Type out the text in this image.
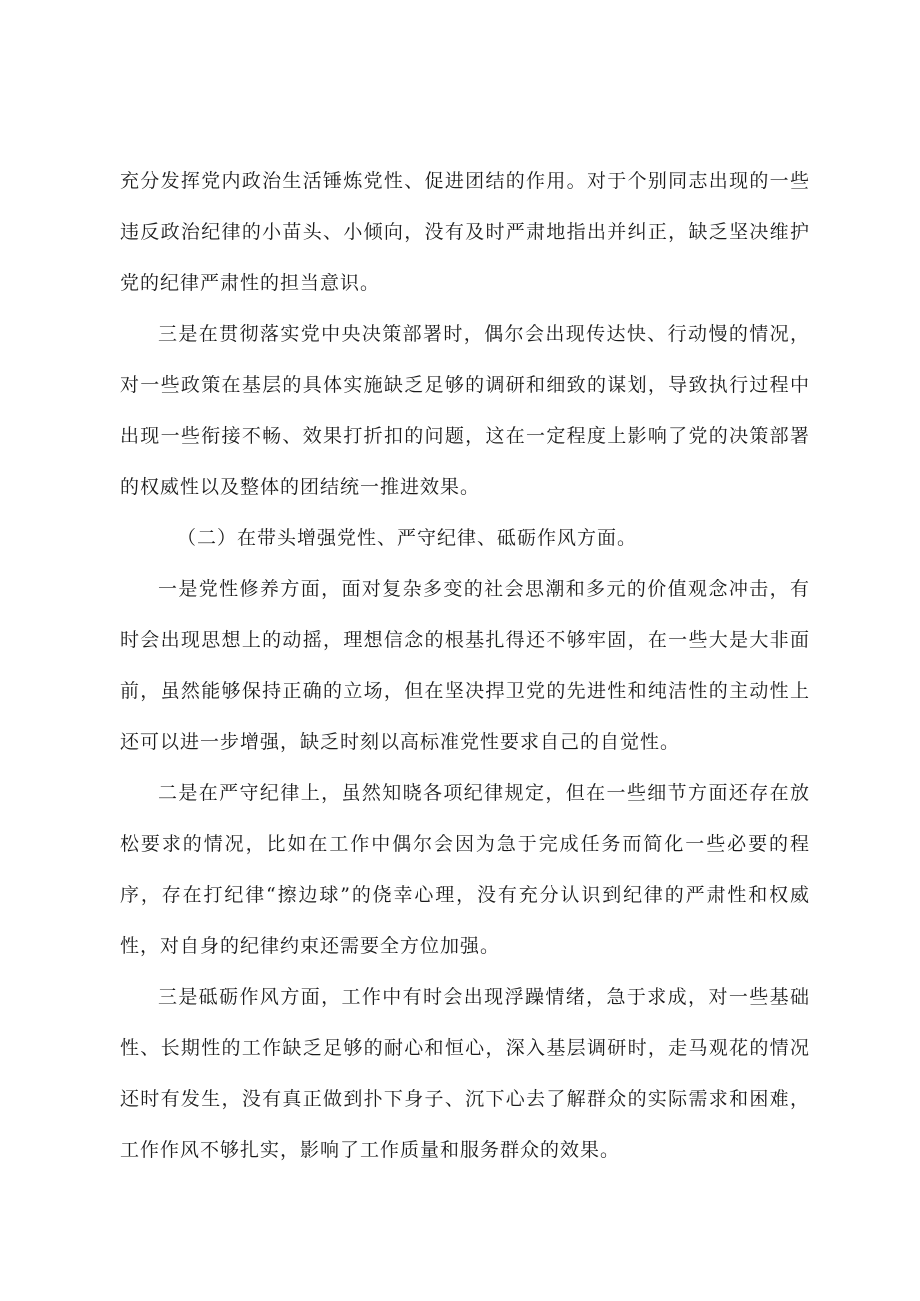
充分发挥党内政治生活锤炼党性、促进团结的作用。对于个别同志出现的一些违反政治纪律的小苗头、小倾向，没有及时严肃地指出并纠正，缺乏坚决维护党的纪律严肃性的担当意识。

三是在贯彻落实党中央决策部署时，偶尔会出现传达快、行动慢的情况，对一些政策在基层的具体实施缺乏足够的调研和细致的谋划，导致执行过程中出现一些衔接不畅、效果打折扣的问题，这在一定程度上影响了党的决策部署的权威性以及整体的团结统一推进效果。

（二）在带头增强党性、严守纪律、砥砺作风方面。

一是党性修养方面，面对复杂多变的社会思潮和多元的价值观念冲击，有时会出现思想上的动摇，理想信念的根基扎得还不够牢固，在一些大是大非面前，虽然能够保持正确的立场，但在坚决捍卫党的先进性和纯洁性的主动性上还可以进一步增强，缺乏时刻以高标准党性要求自己的自觉性。

二是在严守纪律上，虽然知晓各项纪律规定，但在一些细节方面还存在放松要求的情况，比如在工作中偶尔会因为急于完成任务而简化一些必要的程序，存在打纪律“擦边球”的侥幸心理，没有充分认识到纪律的严肃性和权威性，对自身的纪律约束还需要全方位加强。

三是砥砺作风方面，工作中有时会出现浮躁情绪，急于求成，对一些基础性、长期性的工作缺乏足够的耐心和恒心，深入基层调研时，走马观花的情况还时有发生，没有真正做到扑下身子、沉下心去了解群众的实际需求和困难，工作作风不够扎实，影响了工作质量和服务群众的效果。
